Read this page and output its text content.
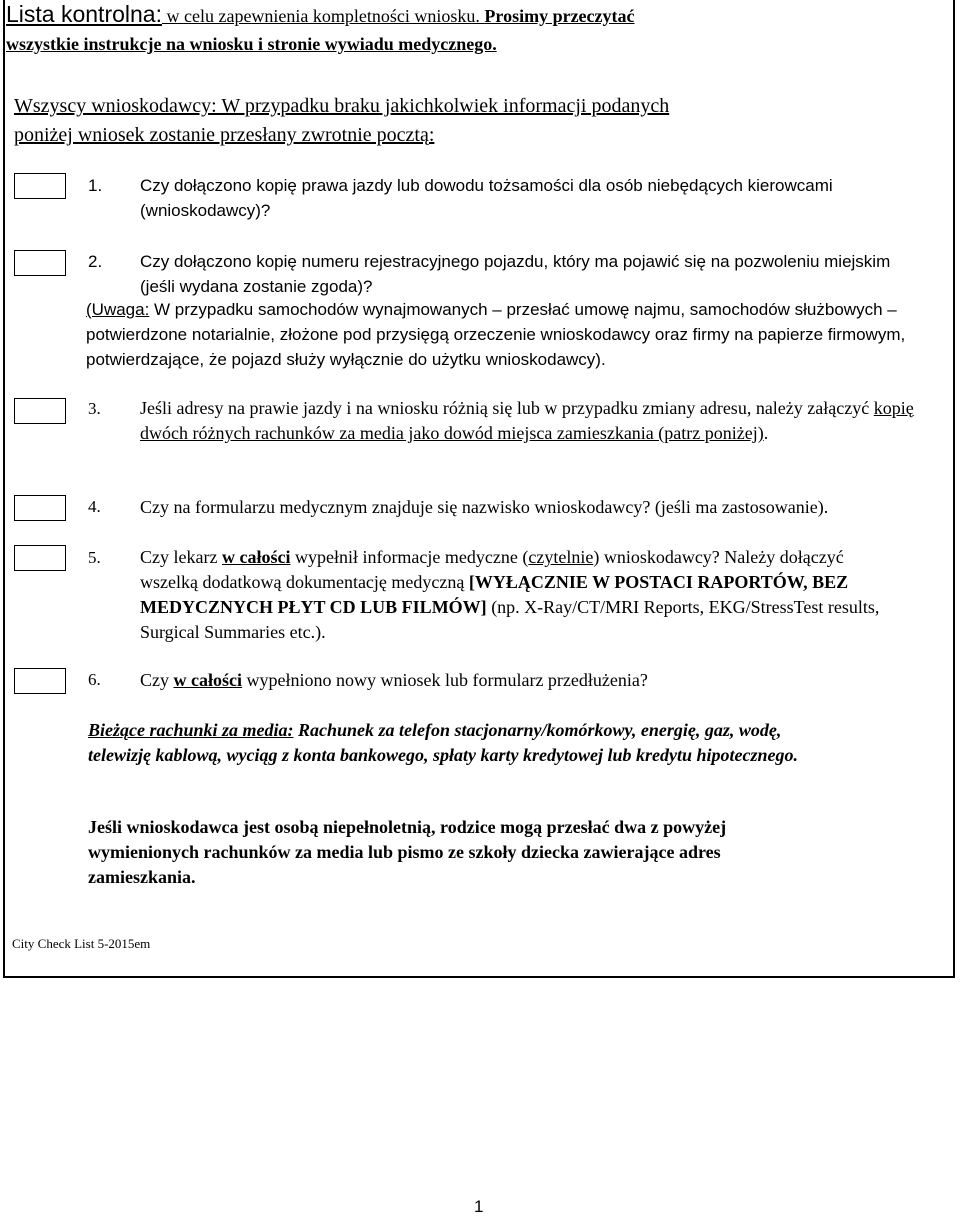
Lista kontrolna: w celu zapewnienia kompletności wniosku. Prosimy przeczytać
wszystkie instrukcje na wniosku i stronie wywiadu medycznego.
Wszyscy wnioskodawcy: W przypadku braku jakichkolwiek informacji podanych
poniżej wniosek zostanie przesłany zwrotnie pocztą:
1. Czy dołączono kopię prawa jazdy lub dowodu tożsamości dla osób niebędących kierowcami (wnioskodawcy)?
2. Czy dołączono kopię numeru rejestracyjnego pojazdu, który ma pojawić się na pozwoleniu miejskim (jeśli wydana zostanie zgoda)?
(Uwaga: W przypadku samochodów wynajmowanych – przesłać umowę najmu, samochodów służbowych – potwierdzone notarialnie, złożone pod przysięgą orzeczenie wnioskodawcy oraz firmy na papierze firmowym, potwierdzające, że pojazd służy wyłącznie do użytku wnioskodawcy).
3. Jeśli adresy na prawie jazdy i na wniosku różnią się lub w przypadku zmiany adresu, należy załączyć kopię dwóch różnych rachunków za media jako dowód miejsca zamieszkania (patrz poniżej).
4. Czy na formularzu medycznym znajduje się nazwisko wnioskodawcy? (jeśli ma zastosowanie).
5. Czy lekarz w całości wypełnił informacje medyczne (czytelnie) wnioskodawcy? Należy dołączyć wszelką dodatkową dokumentację medyczną [WYŁĄCZNIE W POSTACI RAPORTÓW, BEZ MEDYCZNYCH PŁYT CD LUB FILMÓW] (np. X-Ray/CT/MRI Reports, EKG/StressTest results, Surgical Summaries etc.).
6. Czy w całości wypełniono nowy wniosek lub formularz przedłużenia?
Bieżące rachunki za media: Rachunek za telefon stacjonarny/komórkowy, energię, gaz, wodę, telewizję kablową, wyciąg z konta bankowego, spłaty karty kredytowej lub kredytu hipotecznego.
Jeśli wnioskodawca jest osobą niepełnoletnią, rodzice mogą przesłać dwa z powyżej wymienionych rachunków za media lub pismo ze szkoły dziecka zawierające adres zamieszkania.
City Check List 5-2015em
1
